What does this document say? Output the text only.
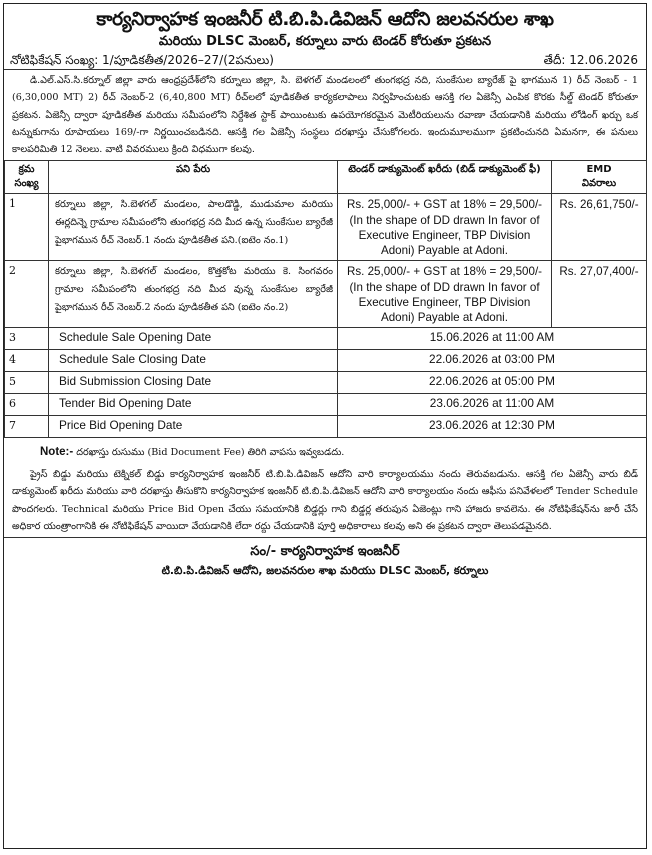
కార్యనిర్వాహక ఇంజనీర్ టి.బి.పి.డివిజన్ ఆదోని జలవనరుల శాఖ
మరియు DLSC మెంబర్, కర్నూలు వారు టెండర్ కోరుతూ ప్రకటన
నోటిఫికేషన్ సంఖ్య: 1/పూడికతీత/2026–27/(2పనులు)	తేదీ: 12.06.2026
డి.ఎల్.ఎస్.సి.కర్నూల్ జిల్లా వారు ఆంధ్రప్రదేశ్‌లోని కర్నూలు జిల్లా, సి. బెళగల్ మండలంలో తుంగభద్ర నది, సుంకేసుల బ్యారేజ్ పై భాగమున 1) రీచ్ నెంబర్ - 1 (6,30,000 MT) 2) రీచ్ నెంబర్-2 (6,40,800 MT) రీచ్‌లలో పూడికతీత కార్యకలాపాలు నిర్వహించుటకు ఆసక్తి గల ఏజెన్సీ ఎంపిక కొరకు సీల్డ్ టెండర్ కోరుతూ ప్రకటన. ఏజెన్సీ ద్వారా పూడికతీత మరియు సమీపంలోని నిర్దేశిత స్టాక్ పాయింటుకు ఉపయోగకరమైన మెటీరియలును రవాణా చేయడానికి మరియు లోడింగ్ ఖర్చు ఒక టన్నుకుగాను రూపాయలు 169/-గా నిర్ణయించబడినది. ఆసక్తి గల ఏజెన్సీ సంస్థలు దరఖాస్తు చేసుకోగలరు. ఇందుమూలముగా ప్రకటించునది ఏమనగా, ఈ పనులు కాలపరిమితి 12 నెలలు. వాటి వివరములు క్రింది విధముగా కలవు.
క్రమ సంఖ్య	పని పేరు	టెండర్ డాక్యుమెంట్ ఖరీదు (బిడ్ డాక్యుమెంట్ ఫీ)	EMD
వివరాలు

1	కర్నూలు జిల్లా, సి.బెళగల్ మండలం, పాలడొడ్డి, ముడుమాల మరియు ఈర్లదిన్నె గ్రామాల సమీపంలోని తుంగభద్ర నది మీద ఉన్న సుంకేసుల బ్యారేజీ పైభాగమున రీచ్ నెంబర్.1 నందు పూడికతీత పని.(ఐటెం నం.1)	Rs. 25,000/- + GST at 18% = 29,500/- (In the shape of DD drawn In favor of Executive Engineer, TBP Division Adoni) Payable at Adoni.	Rs. 26,61,750/-
2	కర్నూలు జిల్లా, సి.బెళగల్ మండలం, కొత్తకోట మరియు కె. సింగవరం గ్రామాల సమీపంలోని తుంగభద్ర నది మీద వున్న సుంకేసుల బ్యారేజీ పైభాగమున రీచ్ నెంబర్.2 నందు పూడికతీత పని (ఐటెం నం.2)	Rs. 25,000/- + GST at 18% = 29,500/- (In the shape of DD drawn In favor of Executive Engineer, TBP Division Adoni) Payable at Adoni.	Rs. 27,07,400/-
3	Schedule Sale Opening Date	15.06.2026 at 11:00 AM	
4	Schedule Sale Closing Date	22.06.2026 at 03:00 PM	
5	Bid Submission Closing Date	22.06.2026 at 05:00 PM	
6	Tender Bid Opening Date	23.06.2026 at 11:00 AM	
7	Price Bid Opening Date	23.06.2026 at 12:30 PM	
Note:- దరఖాస్తు రుసుము (Bid Document Fee) తిరిగి వాపసు ఇవ్వబడదు.
ప్రైస్ బిడ్డు మరియు టెక్నికల్ బిడ్డు కార్యనిర్వాహక ఇంజనీర్ టి.బి.పి.డివిజన్ ఆదోని వారి కార్యాలయము నందు తెరువబడును. ఆసక్తి గల ఏజెన్సీ వారు బిడ్ డాక్యుమెంట్ ఖరీదు మరియు వారి దరఖాస్తు తీసుకొని కార్యనిర్వాహక ఇంజనీర్ టి.బి.పి.డివిజన్ ఆదోని వారి కార్యాలయం నందు ఆఫీసు పనివేళలలో Tender Schedule పొందగలరు. Technical మరియు Price Bid Open చేయు సమయానికి బిడ్డర్లు గాని బిడ్డర్ల తరుపున ఏజెంట్లు గాని హాజరు కావలెను. ఈ నోటిఫికేషన్‌ను జారీ చేసే అధికార యంత్రాంగానికి ఈ నోటిఫికేషన్ వాయిదా వేయడానికి లేదా రద్దు చేయడానికి పూర్తి అధికారాలు కలవు అని ఈ ప్రకటన ద్వారా తెలుపడమైనది.
సం/- కార్యనిర్వాహక ఇంజనీర్
టి.బి.పి.డివిజన్ ఆదోని, జలవనరుల శాఖ మరియు DLSC మెంబర్, కర్నూలు
